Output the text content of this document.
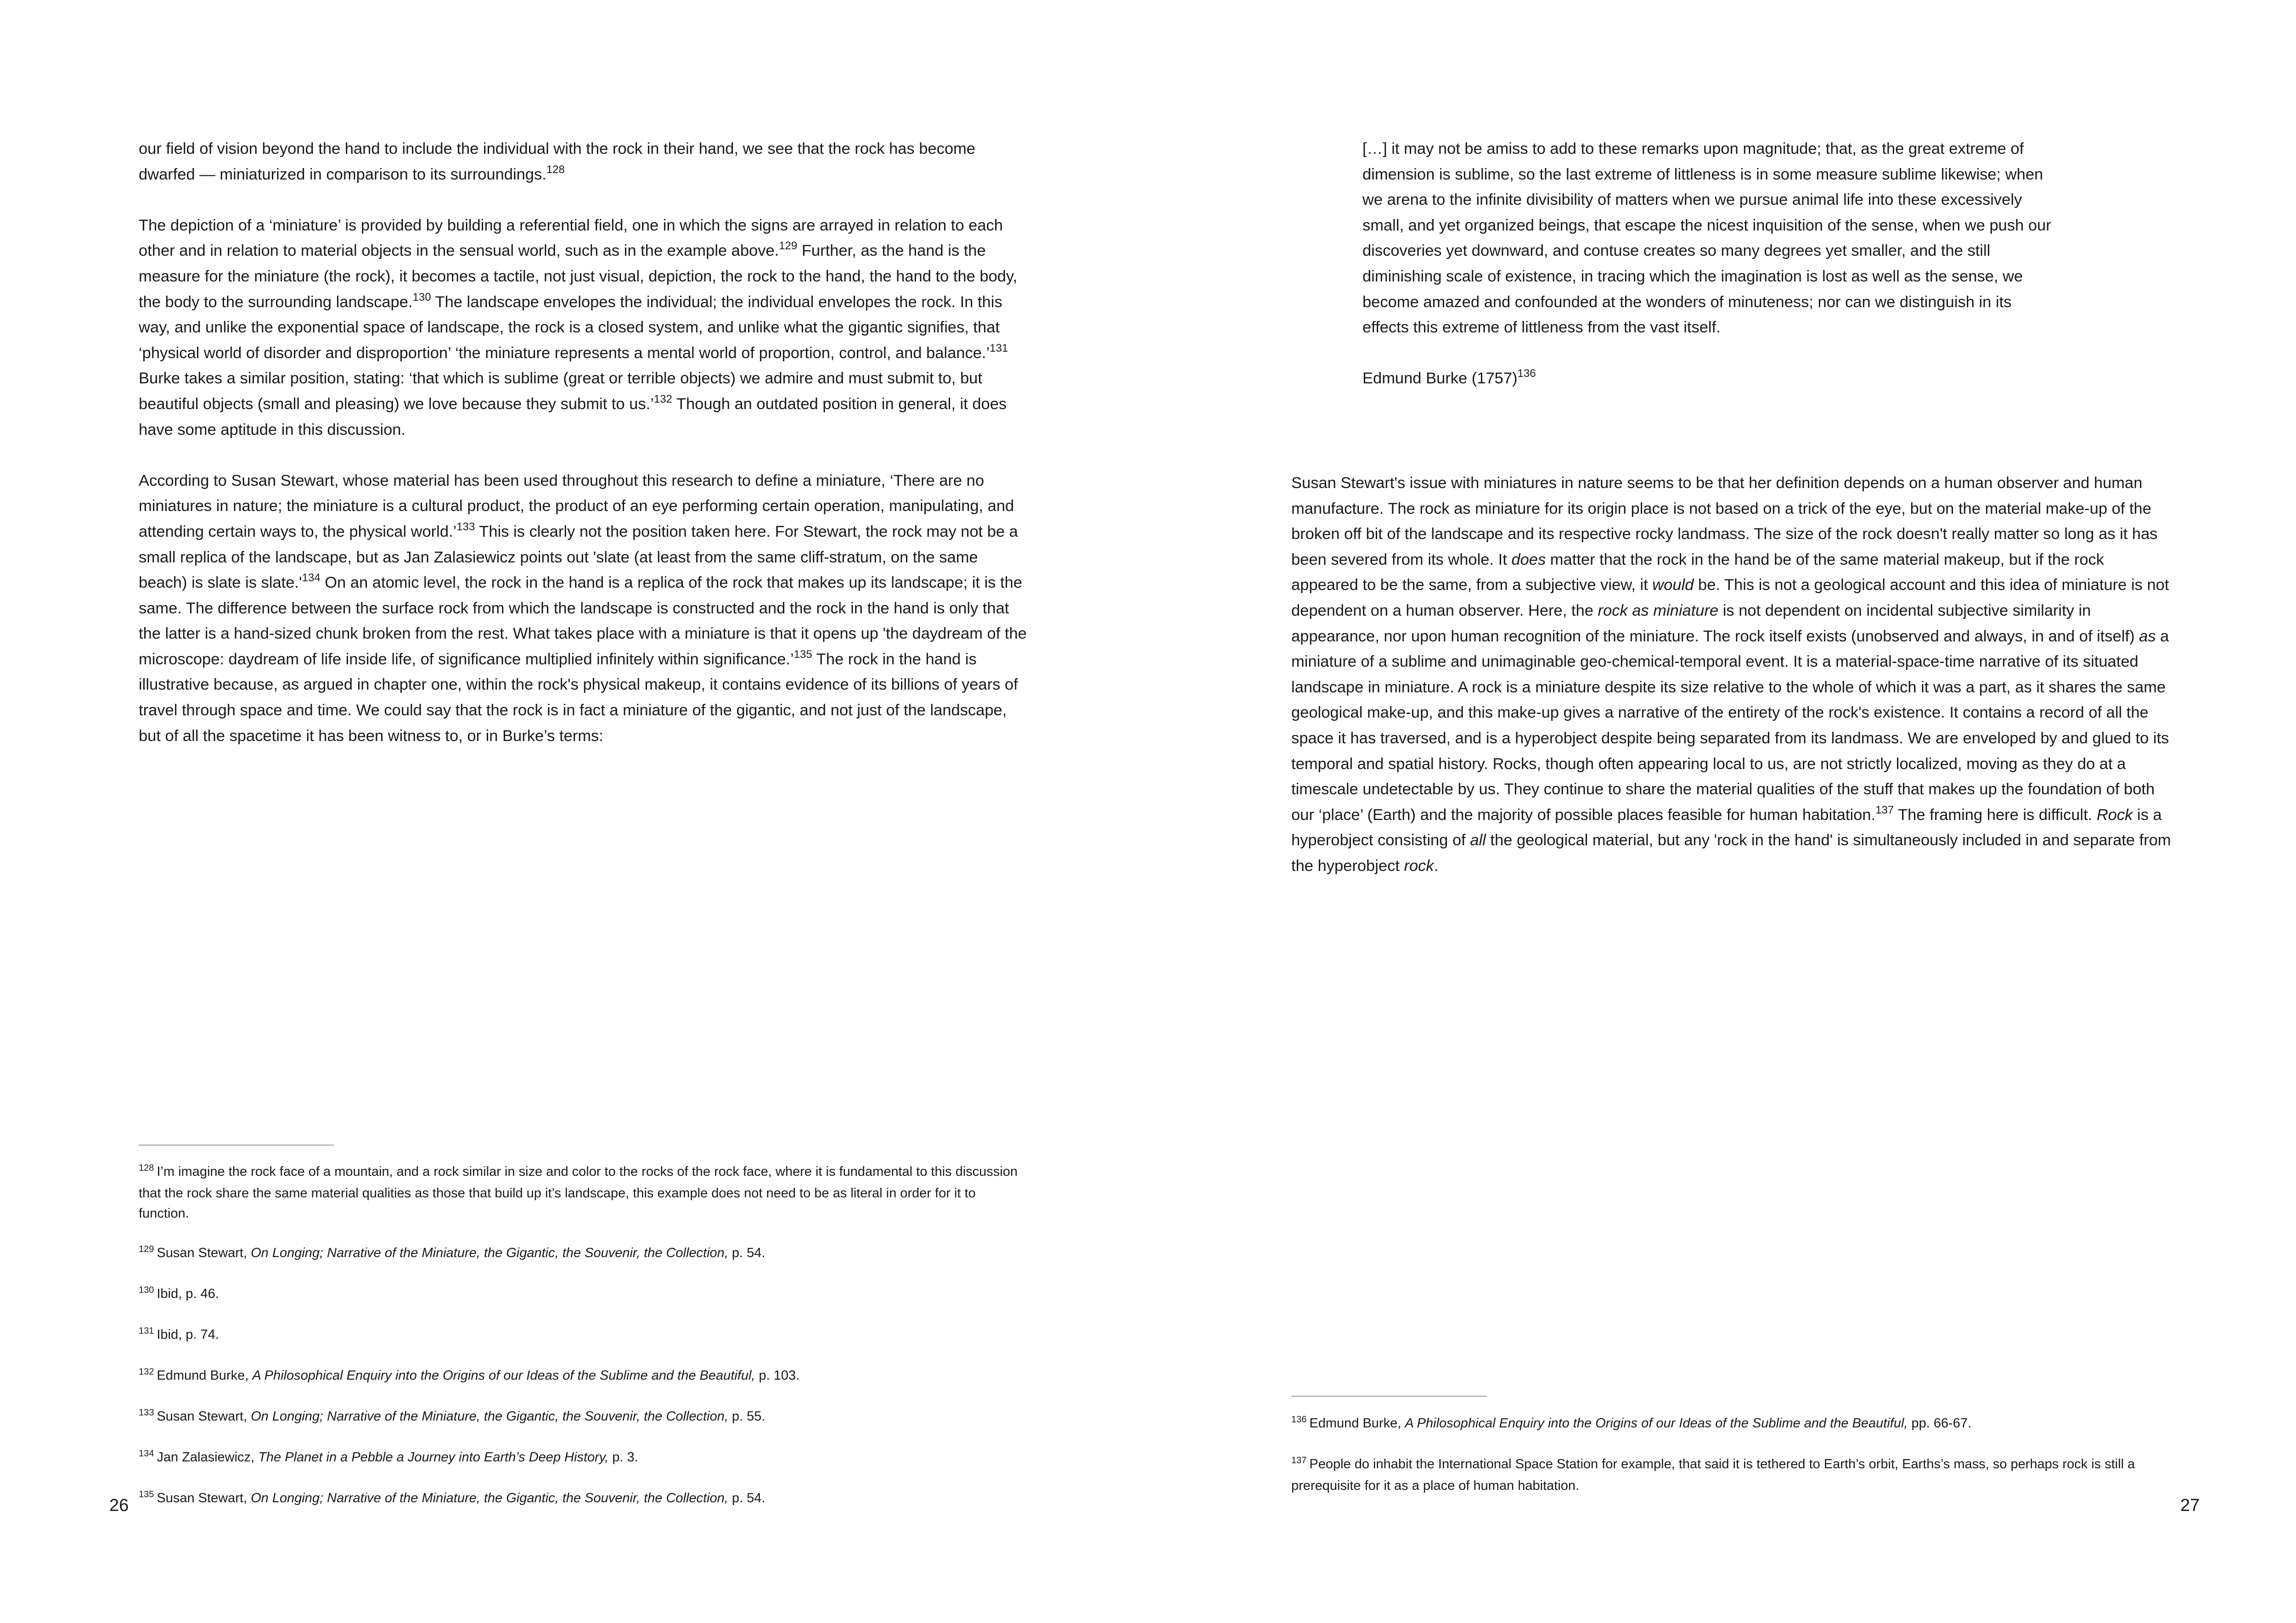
our field of vision beyond the hand to include the individual with the rock in their hand, we see that the rock has become dwarfed — miniaturized in comparison to its surroundings.$^{128}$

The depiction of a ‘miniature’ is provided by building a referential field, one in which the signs are arrayed in relation to each other and in relation to material objects in the sensual world, such as in the example above.$^{129}$ Further, as the hand is the measure for the miniature (the rock), it becomes a tactile, not just visual, depiction, the rock to the hand, the hand to the body, the body to the surrounding landscape.$^{130}$ The landscape envelopes the individual; the individual envelopes the rock. In this way, and unlike the exponential space of landscape, the rock is a closed system, and unlike what the gigantic signifies, that ‘physical world of disorder and disproportion’ ‘the miniature represents a mental world of proportion, control, and balance.’$^{131}$ Burke takes a similar position, stating: ‘that which is sublime (great or terrible objects) we admire and must submit to, but beautiful objects (small and pleasing) we love because they submit to us.’$^{132}$ Though an outdated position in general, it does have some aptitude in this discussion.

According to Susan Stewart, whose material has been used throughout this research to define a miniature, ‘There are no miniatures in nature; the miniature is a cultural product, the product of an eye performing certain operation, manipulating, and attending certain ways to, the physical world.’$^{133}$ This is clearly not the position taken here. For Stewart, the rock may not be a small replica of the landscape, but as Jan Zalasiewicz points out 'slate (at least from the same cliff-stratum, on the same beach) is slate is $slate.'^{134}$ On an atomic level, the rock in the hand is a replica of the rock that makes up its landscape; it is the same. The difference between the surface rock from which the landscape is constructed and the rock in the hand is only that the latter is a hand-sized chunk broken from the rest. What takes place with a miniature is that it opens up 'the daydream of the microscope: daydream of life inside life, of significance multiplied infinitely within significance.’$^{135}$ The rock in the hand is illustrative because, as argued in chapter one, within the rock's physical makeup, it contains evidence of its billions of years of travel through space and time. We could say that the rock is in fact a miniature of the gigantic, and not just of the landscape, but of all the spacetime it has been witness to, or in Burke’s terms:

$^{128}$ I’m imagine the rock face of a mountain, and a rock similar in size and color to the rocks of the rock face, where it is fundamental to this discussion that the rock share the same material qualities as those that build up it’s landscape, this example does not need to be as literal in order for it to function.
$^{129}$ Susan Stewart, On Longing; Narrative of the Miniature, the Gigantic, the Souvenir, the Collection, p. 54.
$^{130}$ Ibid, p. 46.
$^{131}$ Ibid, p. 74.
$^{132}$ Edmund Burke, A Philosophical Enquiry into the Origins of our Ideas of the Sublime and the Beautiful, p. 103.
$^{133}$ Susan Stewart, On Longing; Narrative of the Miniature, the Gigantic, the Souvenir, the Collection, p. 55.
$^{134}$ Jan Zalasiewicz, The Planet in a Pebble a Journey into Earth’s Deep History, p. 3.
$^{135}$ Susan Stewart, On Longing; Narrative of the Miniature, the Gigantic, the Souvenir, the Collection, p. 54.
26

[…] it may not be amiss to add to these remarks upon magnitude; that, as the great extreme of dimension is sublime, so the last extreme of littleness is in some measure sublime likewise; when we arena to the infinite divisibility of matters when we pursue animal life into these excessively small, and yet organized beings, that escape the nicest inquisition of the sense, when we push our discoveries yet downward, and contuse creates so many degrees yet smaller, and the still diminishing scale of existence, in tracing which the imagination is lost as well as the sense, we become amazed and confounded at the wonders of minuteness; nor can we distinguish in its effects this extreme of littleness from the vast itself.

Edmund Burke $(1757)^{136}$

Susan Stewart's issue with miniatures in nature seems to be that her definition depends on a human observer and human manufacture. The rock as miniature for its origin place is not based on a trick of the eye, but on the material make-up of the broken off bit of the landscape and its respective rocky landmass. The size of the rock doesn't really matter so long as it has been severed from its whole. It does matter that the rock in the hand be of the same material makeup, but if the rock appeared to be the same, from a subjective view, it would be. This is not a geological account and this idea of miniature is not dependent on a human observer. Here, the rock as miniature is not dependent on incidental subjective similarity in appearance, nor upon human recognition of the miniature. The rock itself exists (unobserved and always, in and of itself) as a miniature of a sublime and unimaginable geo-chemical-temporal event. It is a material-space-time narrative of its situated landscape in miniature. A rock is a miniature despite its size relative to the whole of which it was a part, as it shares the same geological make-up, and this make-up gives a narrative of the entirety of the rock's existence. It contains a record of all the space it has traversed, and is a hyperobject despite being separated from its landmass. We are enveloped by and glued to its temporal and spatial history. Rocks, though often appearing local to us, are not strictly localized, moving as they do at a timescale undetectable by us. They continue to share the material qualities of the stuff that makes up the foundation of both our ‘place’ (Earth) and the majority of possible places feasible for human habitation.$^{137}$ The framing here is difficult. Rock is a hyperobject consisting of all the geological material, but any 'rock in the hand' is simultaneously included in and separate from the hyperobject rock.

$^{136}$ Edmund Burke, A Philosophical Enquiry into the Origins of our Ideas of the Sublime and the Beautiful, pp. 66-67.
$^{137}$ People do inhabit the International Space Station for example, that said it is tethered to Earth’s orbit, Earths’s mass, so perhaps rock is still a prerequisite for it as a place of human habitation.
27
